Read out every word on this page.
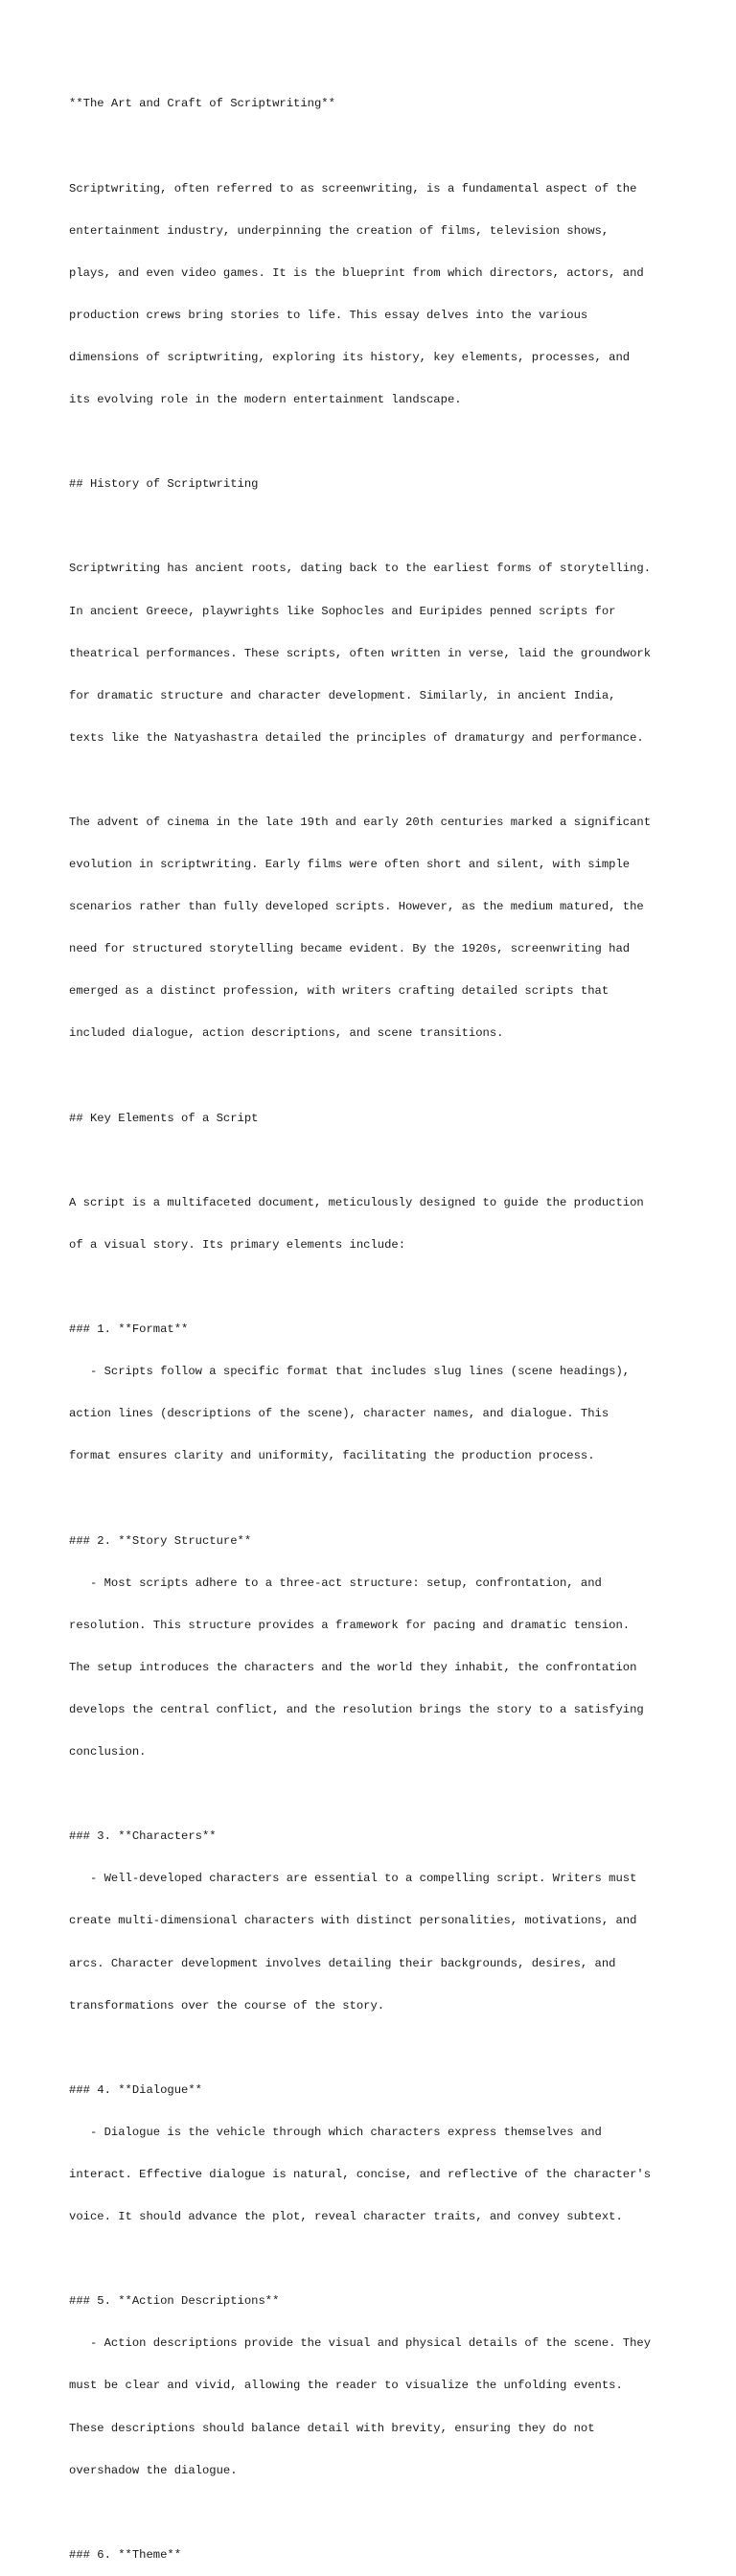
**The Art and Craft of Scriptwriting**

Scriptwriting, often referred to as screenwriting, is a fundamental aspect of the

entertainment industry, underpinning the creation of films, television shows,

plays, and even video games. It is the blueprint from which directors, actors, and

production crews bring stories to life. This essay delves into the various

dimensions of scriptwriting, exploring its history, key elements, processes, and

its evolving role in the modern entertainment landscape.

## History of Scriptwriting

Scriptwriting has ancient roots, dating back to the earliest forms of storytelling.

In ancient Greece, playwrights like Sophocles and Euripides penned scripts for

theatrical performances. These scripts, often written in verse, laid the groundwork

for dramatic structure and character development. Similarly, in ancient India,

texts like the Natyashastra detailed the principles of dramaturgy and performance.

The advent of cinema in the late 19th and early 20th centuries marked a significant

evolution in scriptwriting. Early films were often short and silent, with simple

scenarios rather than fully developed scripts. However, as the medium matured, the

need for structured storytelling became evident. By the 1920s, screenwriting had

emerged as a distinct profession, with writers crafting detailed scripts that

included dialogue, action descriptions, and scene transitions.

## Key Elements of a Script

A script is a multifaceted document, meticulously designed to guide the production

of a visual story. Its primary elements include:

### 1. **Format**

- Scripts follow a specific format that includes slug lines (scene headings),

action lines (descriptions of the scene), character names, and dialogue. This

format ensures clarity and uniformity, facilitating the production process.

### 2. **Story Structure**

- Most scripts adhere to a three-act structure: setup, confrontation, and

resolution. This structure provides a framework for pacing and dramatic tension.

The setup introduces the characters and the world they inhabit, the confrontation

develops the central conflict, and the resolution brings the story to a satisfying

conclusion.

### 3. **Characters**

- Well-developed characters are essential to a compelling script. Writers must

create multi-dimensional characters with distinct personalities, motivations, and

arcs. Character development involves detailing their backgrounds, desires, and

transformations over the course of the story.

### 4. **Dialogue**

- Dialogue is the vehicle through which characters express themselves and

interact. Effective dialogue is natural, concise, and reflective of the character's

voice. It should advance the plot, reveal character traits, and convey subtext.

### 5. **Action Descriptions**

- Action descriptions provide the visual and physical details of the scene. They

must be clear and vivid, allowing the reader to visualize the unfolding events.

These descriptions should balance detail with brevity, ensuring they do not

overshadow the dialogue.

### 6. **Theme**
